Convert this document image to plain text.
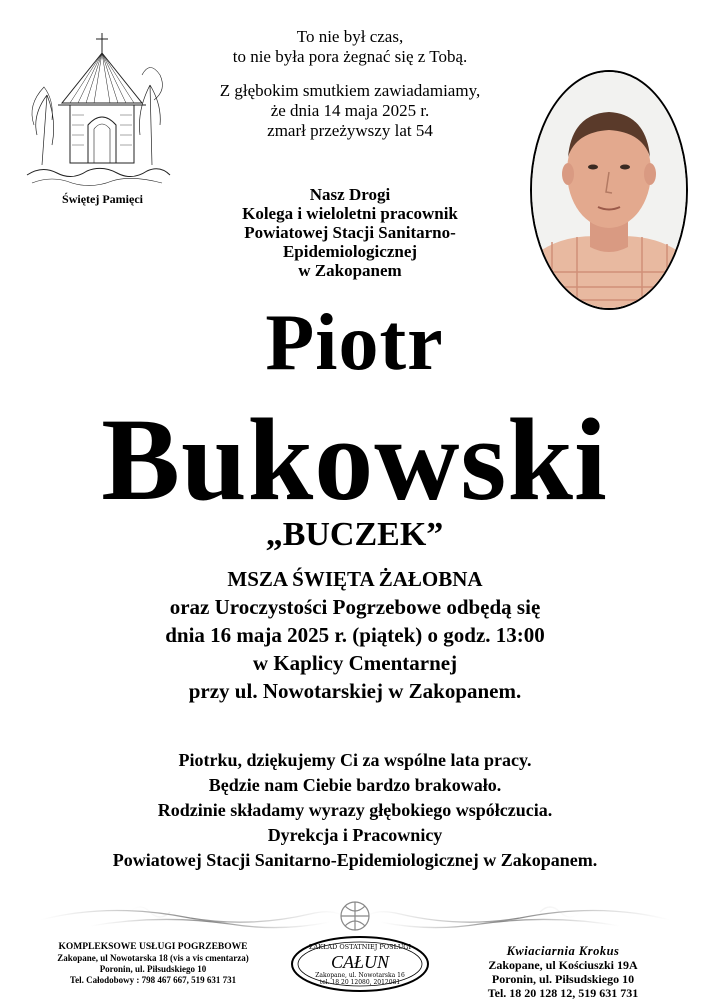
Świętej Pamięci

To nie był czas,

to nie była pora żegnać się z Tobą.

Z głębokim smutkiem zawiadamiamy,

że dnia 14 maja 2025 r.

zmarł przeżywszy lat 54

Nasz Drogi

Kolega i wieloletni pracownik

Powiatowej Stacji Sanitarno-

Epidemiologicznej

w Zakopanem

Piotr
Bukowski
„BUCZEK”

MSZA ŚWIĘTA ŻAŁOBNA

oraz Uroczystości Pogrzebowe odbędą się

dnia 16 maja 2025 r. (piątek) o godz. 13:00

w Kaplicy Cmentarnej

przy ul. Nowotarskiej w Zakopanem.

Piotrku, dziękujemy Ci za wspólne lata pracy.

Będzie nam Ciebie bardzo brakowało.

Rodzinie składamy wyrazy głębokiego współczucia.

Dyrekcja i Pracownicy

Powiatowej Stacji Sanitarno-Epidemiologicznej w Zakopanem.

KOMPLEKSOWE USŁUGI POGRZEBOWE

Zakopane, ul Nowotarska 18 (vis a vis cmentarza)

Poronin, ul. Piłsudskiego 10

Tel. Całodobowy : 798 467 667, 519 631 731

ZAKŁAD OSTATNIEJ POSŁUGI
CAŁUN
Zakopane, ul. Nowotarska 16
tel. 18 20 12080, 2012081

Kwiaciarnia Krokus

Zakopane, ul Kościuszki 19A

Poronin, ul. Piłsudskiego 10

Tel. 18 20 128 12, 519 631 731
